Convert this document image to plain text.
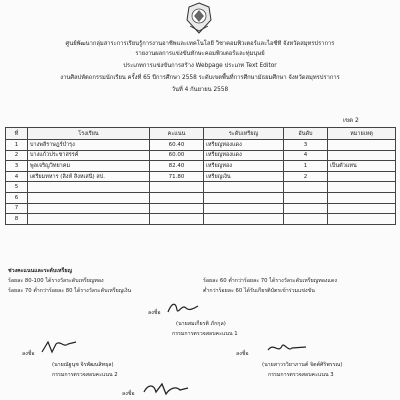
ศูนย์พัฒนากลุ่มสาระการเรียนรู้การงานอาชีพและเทคโนโลยี วิชาคอมพิวเตอร์และไอซีที จังหวัดสมุทรปราการ
รายงานผลการแข่งขันทักษะคอมพิวเตอร์และทุ่มนุษย์
ประเภทการแข่งขันการสร้าง Webpage ประเภท Text Editor
งานศิลปหัตถกรรมนักเรียน ครั้งที่ 65 ปีการศึกษา 2558 ระดับเขตพื้นที่การศึกษามัธยมศึกษา จังหวัดสมุทรปราการ
วันที่ 4 กันยายน 2558
เขต 2
ที่	โรงเรียน	คะแนน	ระดับเหรียญ	อันดับ	หมายเหตุ
1	บางพลีราษฎร์บำรุง	60.40	เหรียญทองแดง	3	
2	บางแก้วประชาสรรค์	60.00	เหรียญทองแดง	4	
3	พูลเจริญวิทยาคม	82.40	เหรียญทอง	1	เป็นตัวแทน
4	เตรียมทหาร (สิงห์ สิงหเสนี) สป.	71.80	เหรียญเงิน	2	
5					
6					
7					
8					
ช่วงคะแนนและระดับเหรียญ
ร้อยละ 80-100 ได้รางวัลระดับเหรียญทอง
ร้อยละ 70 ต่ำกว่าร้อยละ 80 ได้รางวัลระดับเหรียญเงิน
ร้อยละ 60 ต่ำกว่าร้อยละ 70 ได้รางวัลระดับเหรียญทองแดง
ต่ำกว่าร้อยละ 60 ได้รับเกียรติบัตรเข้าร่วมแข่งขัน
ลงชื่อ
(นายสมเกียรติ ภักกุล)
กรรมการตรวจสอบคะแนน 1
ลงชื่อ
(นายณัฐนุช จิรพัฒนสิทธุล)
กรรมการตรวจสอบคะแนน 2
ลงชื่อ
(นายสาวรวิยาภานต์ จิตต์ศิริพรรณ)
กรรมการตรวจสอบคะแนน 3
ลงชื่อ
